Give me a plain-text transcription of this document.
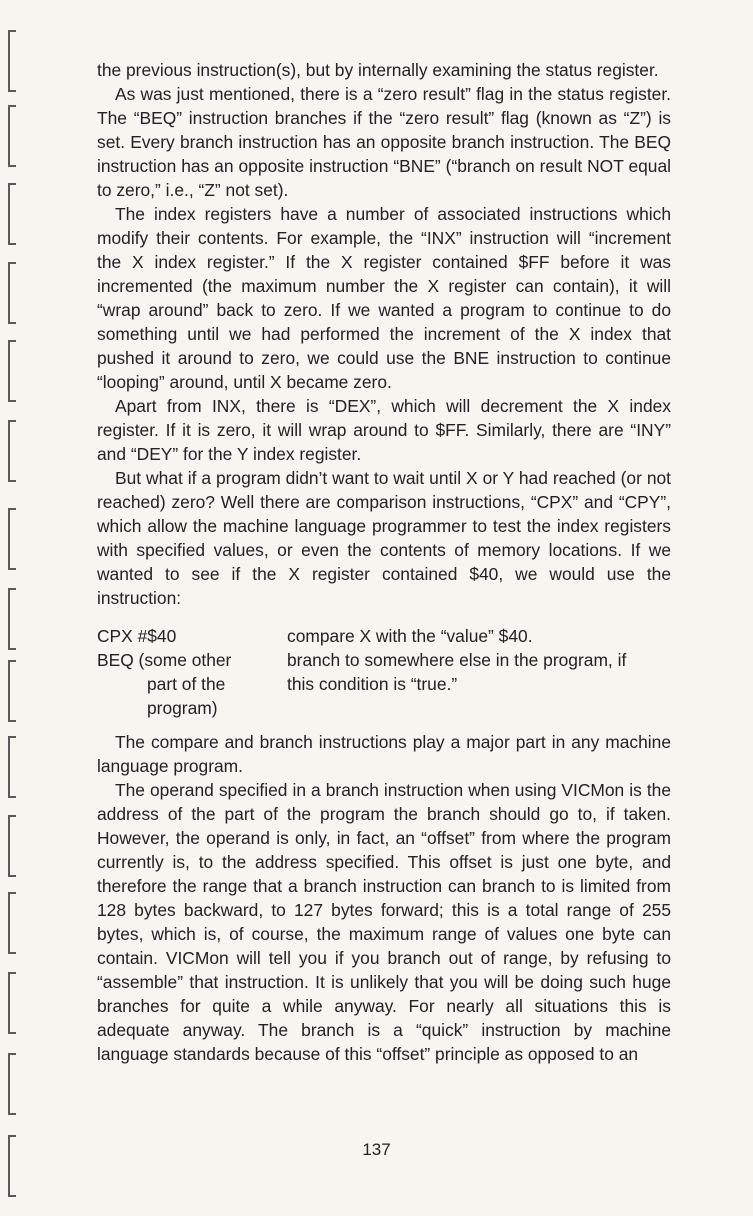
the previous instruction(s), but by internally examining the status register.

As was just mentioned, there is a “zero result” flag in the status register. The “BEQ” instruction branches if the “zero result” flag (known as “Z”) is set. Every branch instruction has an opposite branch instruction. The BEQ instruction has an opposite instruction “BNE” (“branch on result NOT equal to zero,” i.e., “Z” not set).

The index registers have a number of associated instructions which modify their contents. For example, the “INX” instruction will “increment the X index register.” If the X register contained $FF before it was incremented (the maximum number the X register can contain), it will “wrap around” back to zero. If we wanted a program to continue to do something until we had performed the increment of the X index that pushed it around to zero, we could use the BNE instruction to continue “looping” around, until X became zero.

Apart from INX, there is “DEX”, which will decrement the X index register. If it is zero, it will wrap around to $FF. Similarly, there are “INY” and “DEY” for the Y index register.

But what if a program didn’t want to wait until X or Y had reached (or not reached) zero? Well there are comparison instructions, “CPX” and “CPY”, which allow the machine language programmer to test the index registers with specified values, or even the contents of memory locations. If we wanted to see if the X register contained $40, we would use the instruction:

CPX #$40	compare X with the “value” $40.
BEQ (some other	branch to somewhere else in the program, if
part of the	this condition is “true.”
program)

The compare and branch instructions play a major part in any machine language program.

The operand specified in a branch instruction when using VICMon is the address of the part of the program the branch should go to, if taken. However, the operand is only, in fact, an “offset” from where the program currently is, to the address specified. This offset is just one byte, and therefore the range that a branch instruction can branch to is limited from 128 bytes backward, to 127 bytes forward; this is a total range of 255 bytes, which is, of course, the maximum range of values one byte can contain. VICMon will tell you if you branch out of range, by refusing to “assemble” that instruction. It is unlikely that you will be doing such huge branches for quite a while anyway. For nearly all situations this is adequate anyway. The branch is a “quick” instruction by machine language standards because of this “offset” principle as opposed to an

137
